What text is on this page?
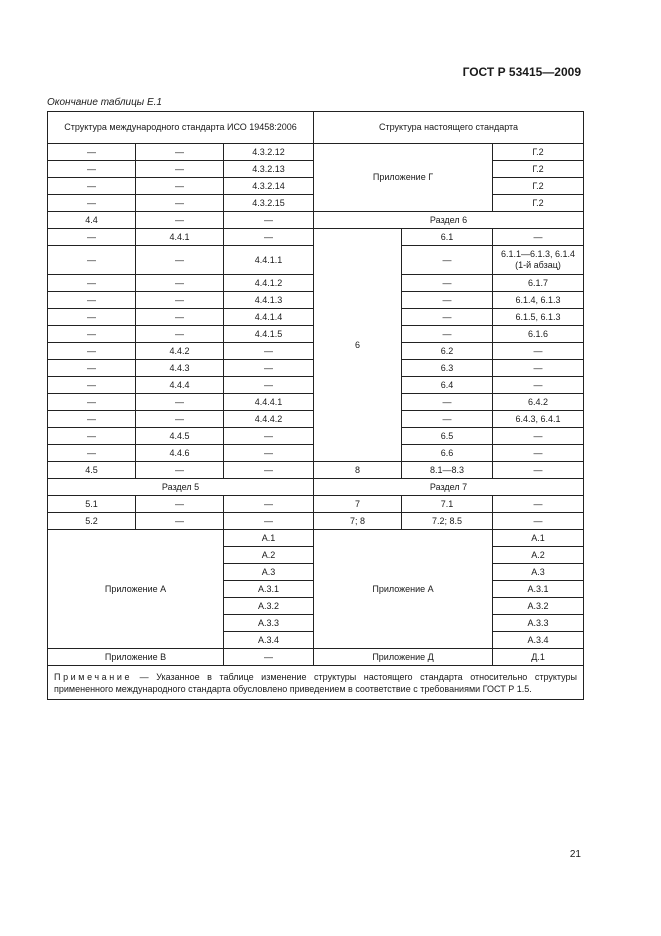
ГОСТ Р 53415—2009
Окончание таблицы Е.1
Структура международного стандарта ИСО 19458:2006			Структура настоящего стандарта		
—	—	4.3.2.12	Приложение Г		Г.2
—	—	4.3.2.13			Г.2
—	—	4.3.2.14			Г.2
—	—	4.3.2.15			Г.2
4.4	—	—	Раздел 6		
—	4.4.1	—	6	6.1	—
—	—	4.4.1.1		—	6.1.1—6.1.3, 6.1.4 (1-й абзац)
—	—	4.4.1.2		—	6.1.7
—	—	4.4.1.3		—	6.1.4, 6.1.3
—	—	4.4.1.4		—	6.1.5, 6.1.3
—	—	4.4.1.5		—	6.1.6
—	4.4.2	—		6.2	—
—	4.4.3	—		6.3	—
—	4.4.4	—		6.4	—
—	—	4.4.4.1		—	6.4.2
—	—	4.4.4.2		—	6.4.3, 6.4.1
—	4.4.5	—		6.5	—
—	4.4.6	—		6.6	—
4.5	—	—	8	8.1—8.3	—
Раздел 5			Раздел 7		
5.1	—	—	7	7.1	—
5.2	—	—	7; 8	7.2; 8.5	—
Приложение А		А.1	Приложение А		А.1
		А.2			А.2
		А.3			А.3
		А.3.1			А.3.1
		А.3.2			А.3.2
		А.3.3			А.3.3
		А.3.4			А.3.4
Приложение В		—	Приложение Д		Д.1
Примечание — Указанное в таблице изменение структуры настоящего стандарта относительно структуры примененного международного стандарта обусловлено приведением в соответствие с требованиями ГОСТ Р 1.5.					
21
